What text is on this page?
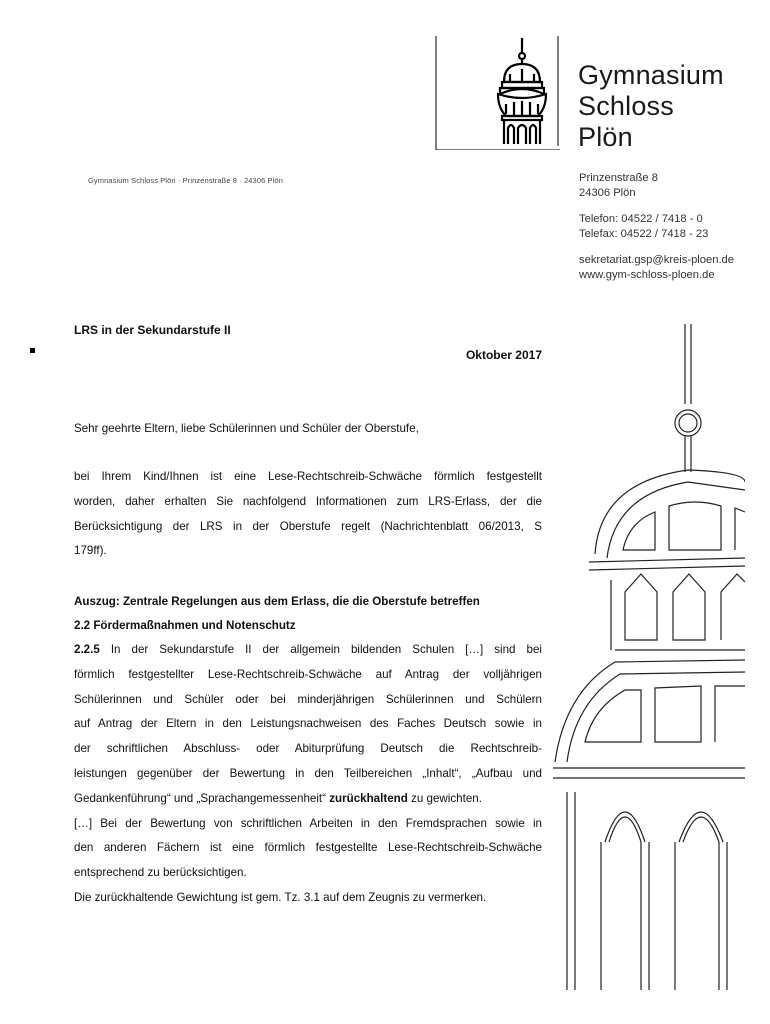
Gymnasium
Schloss
Plön
Gymnasium Schloss Plön · Prinzenstraße 8 · 24306 Plön	Prinzenstraße 8
24306 Plön
Telefon: 04522 / 7418 - 0
Telefax: 04522 / 7418 - 23
sekretariat.gsp@kreis-ploen.de
www.gym-schloss-ploen.de
LRS in der Sekundarstufe II
Oktober 2017
Sehr geehrte Eltern, liebe Schülerinnen und Schüler der Oberstufe,
bei Ihrem Kind/Ihnen ist eine Lese-Rechtschreib-Schwäche förmlich festgestellt
worden, daher erhalten Sie nachfolgend Informationen zum LRS-Erlass, der die
Berücksichtigung der LRS in der Oberstufe regelt (Nachrichtenblatt 06/2013, S
179ff).
Auszug: Zentrale Regelungen aus dem Erlass, die die Oberstufe betreffen
2.2 Fördermaßnahmen und Notenschutz
2.2.5 In der Sekundarstufe II der allgemein bildenden Schulen […] sind bei
förmlich festgestellter Lese-Rechtschreib-Schwäche auf Antrag der volljährigen
Schülerinnen und Schüler oder bei minderjährigen Schülerinnen und Schülern
auf Antrag der Eltern in den Leistungsnachweisen des Faches Deutsch sowie in
der schriftlichen Abschluss- oder Abiturprüfung Deutsch die Rechtschreib-
leistungen gegenüber der Bewertung in den Teilbereichen „Inhalt“, „Aufbau und
Gedankenführung“ und „Sprachangemessenheit“ zurückhaltend zu gewichten.
[…] Bei der Bewertung von schriftlichen Arbeiten in den Fremdsprachen sowie in
den anderen Fächern ist eine förmlich festgestellte Lese-Rechtschreib-Schwäche
entsprechend zu berücksichtigen.
Die zurückhaltende Gewichtung ist gem. Tz. 3.1 auf dem Zeugnis zu vermerken.
